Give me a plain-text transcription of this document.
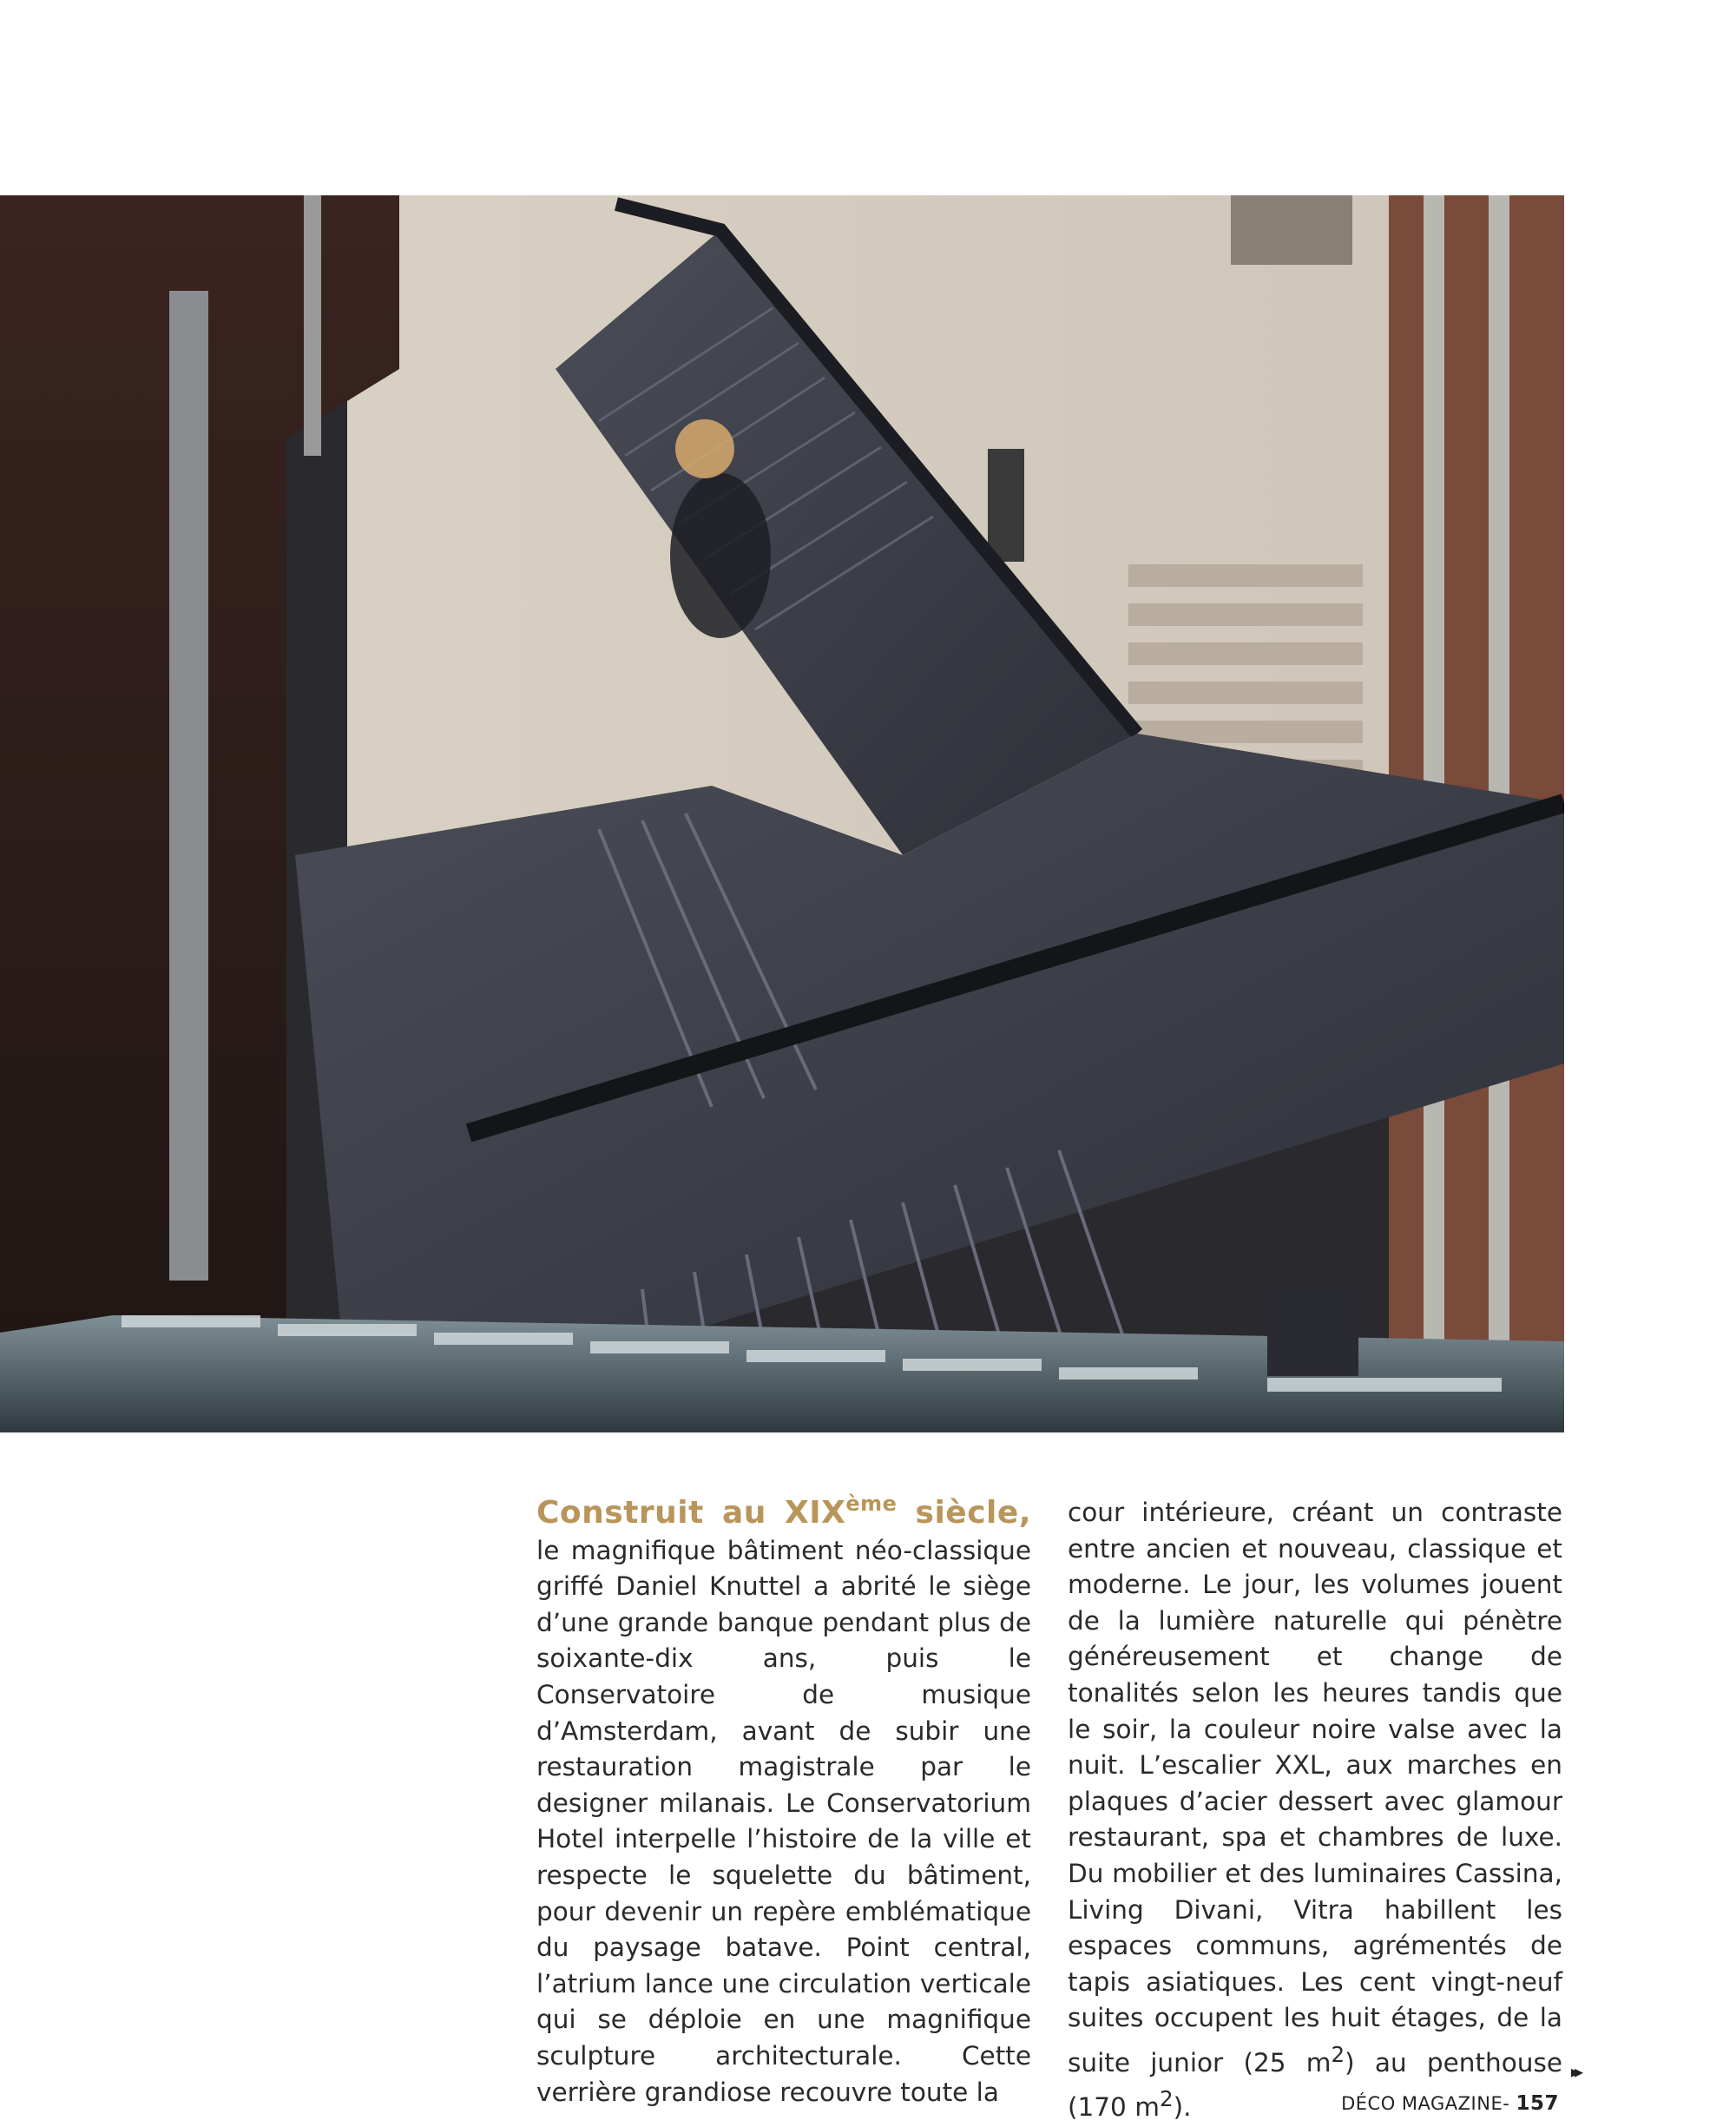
Construit au XIXème siècle, le magnifique bâtiment néo-classique griffé Daniel Knuttel a abrité le siège d’une grande banque pendant plus de soixante-dix ans, puis le Conservatoire de musique d’Amsterdam, avant de subir une restauration magistrale par le designer milanais. Le Conservatorium Hotel interpelle l’histoire de la ville et respecte le squelette du bâtiment, pour devenir un repère emblématique du paysage batave. Point central, l’atrium lance une circulation verticale qui se déploie en une magnifique sculpture architecturale. Cette verrière grandiose recouvre toute la

cour intérieure, créant un contraste entre ancien et nouveau, classique et moderne. Le jour, les volumes jouent de la lumière naturelle qui pénètre généreusement et change de tonalités selon les heures tandis que le soir, la couleur noire valse avec la nuit. L’escalier XXL, aux marches en plaques d’acier dessert avec glamour restaurant, spa et chambres de luxe. Du mobilier et des luminaires Cassina, Living Divani, Vitra habillent les espaces communs, agrémentés de tapis asiatiques. Les cent vingt-neuf suites occupent les huit étages, de la suite junior (25 $m^2$) au penthouse (170 $m^2$).

▸▸
DÉCO MAGAZINE- 157
